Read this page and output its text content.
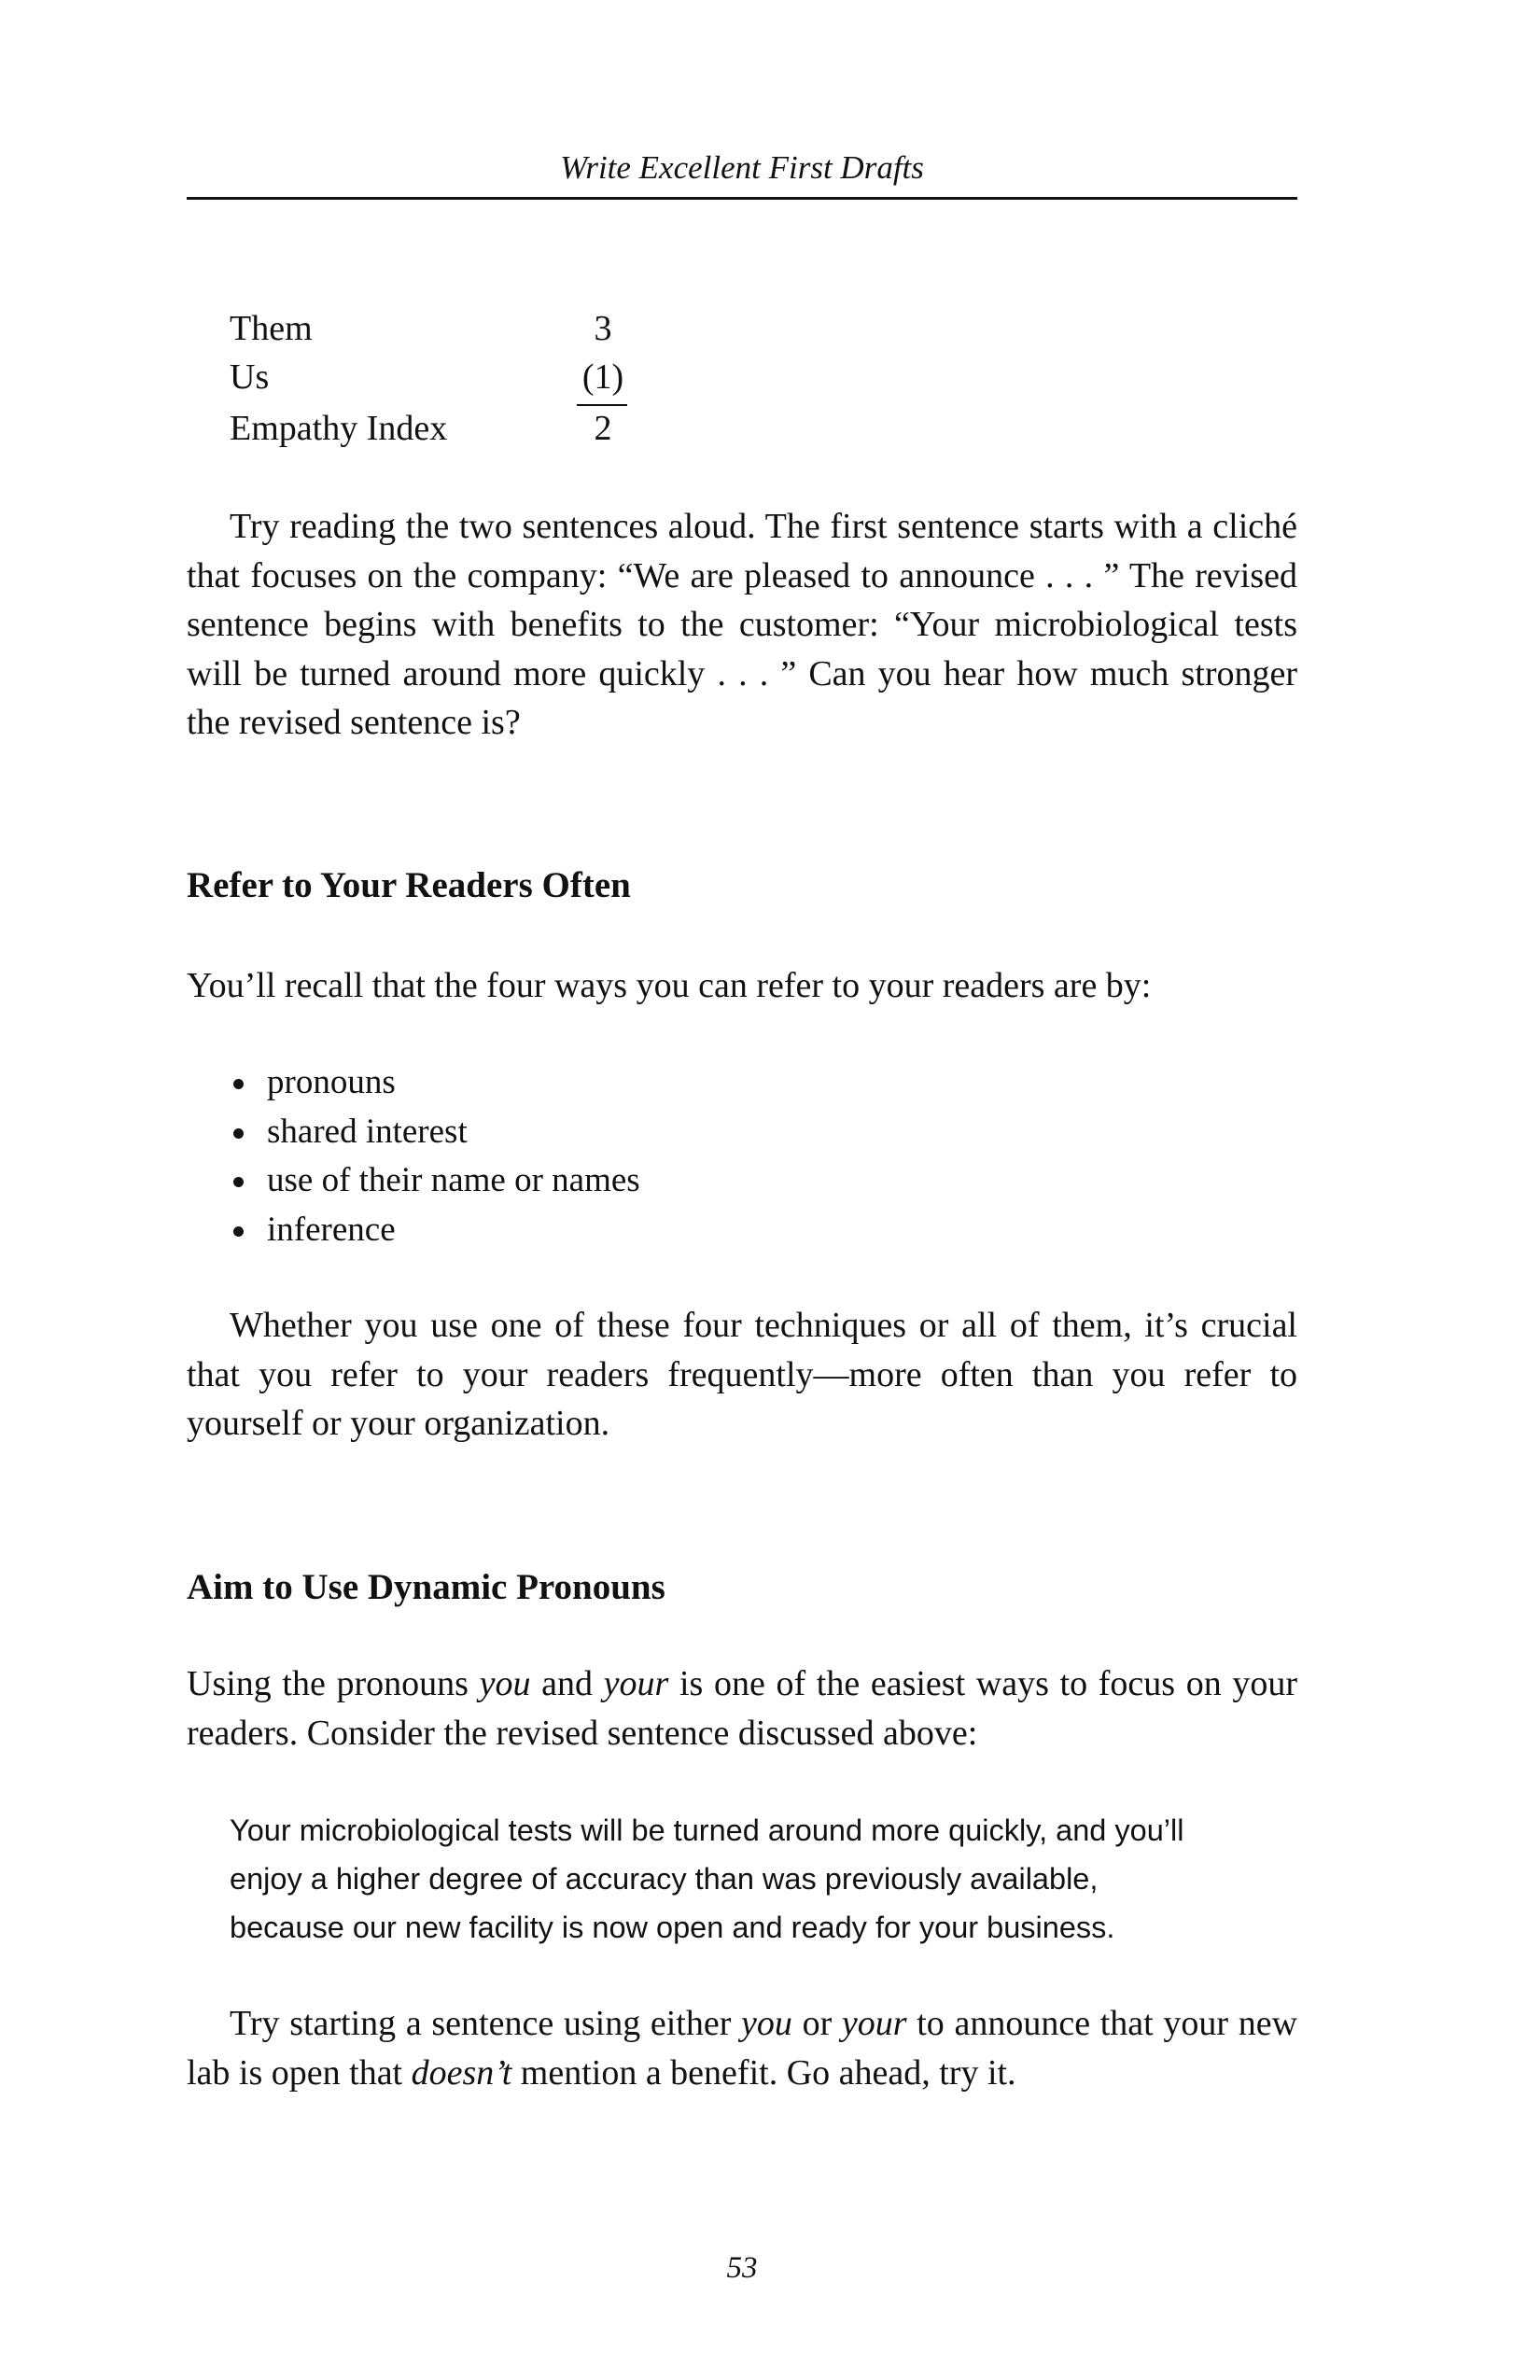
Write Excellent First Drafts
Them	3
Us	(1)
Empathy Index	2

Try reading the two sentences aloud. The first sentence starts with a cliché that focuses on the company: “We are pleased to announce . . . ” The revised sentence begins with benefits to the customer: “Your microbiological tests will be turned around more quickly . . . ” Can you hear how much stronger the revised sentence is?

Refer to Your Readers Often

You’ll recall that the four ways you can refer to your readers are by:

pronouns
shared interest
use of their name or names
inference

Whether you use one of these four techniques or all of them, it’s crucial that you refer to your readers frequently—more often than you refer to yourself or your organization.

Aim to Use Dynamic Pronouns

Using the pronouns you and your is one of the easiest ways to focus on your readers. Consider the revised sentence discussed above:

Your microbiological tests will be turned around more quickly, and you’ll
enjoy a higher degree of accuracy than was previously available,
because our new facility is now open and ready for your business.

Try starting a sentence using either you or your to announce that your new lab is open that doesn’t mention a benefit. Go ahead, try it.

53
